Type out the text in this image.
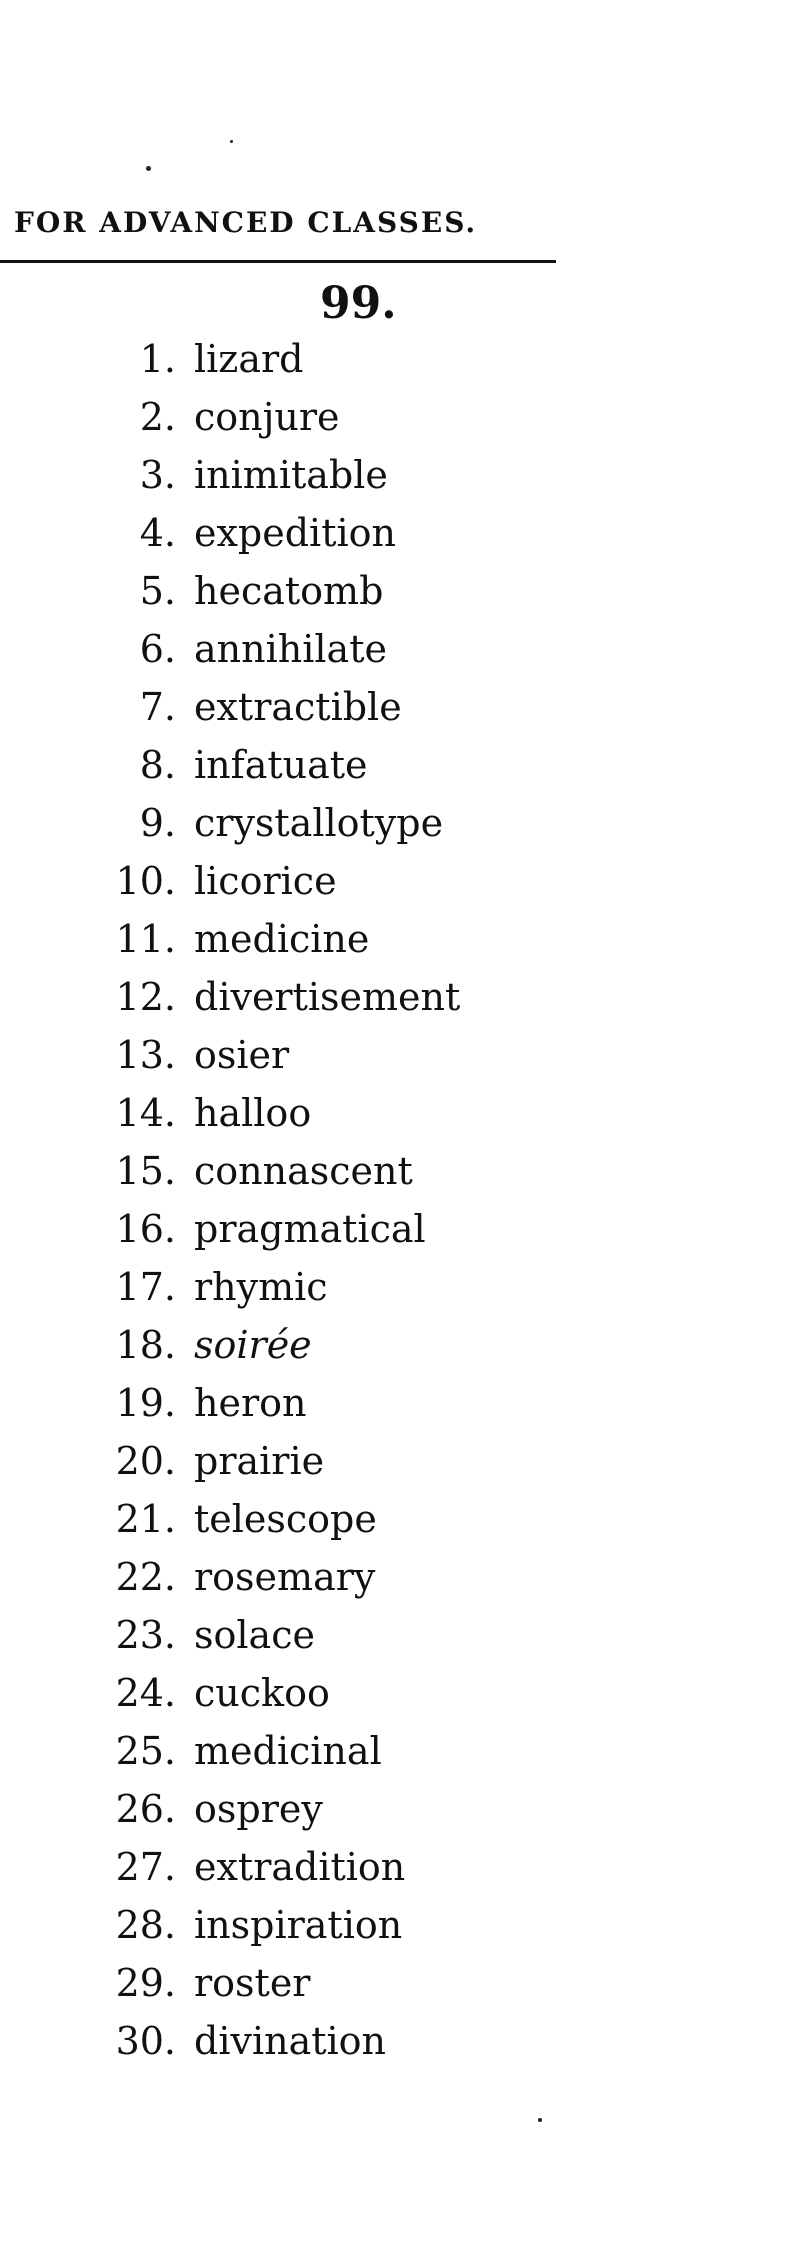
FOR ADVANCED CLASSES.
99.
1. lizard
2. conjure
3. inimitable
4. expedition
5. hecatomb
6. annihilate
7. extractible
8. infatuate
9. crystallotype
10. licorice
11. medicine
12. divertisement
13. osier
14. halloo
15. connascent
16. pragmatical
17. rhymic
18. soirée
19. heron
20. prairie
21. telescope
22. rosemary
23. solace
24. cuckoo
25. medicinal
26. osprey
27. extradition
28. inspiration
29. roster
30. divination
